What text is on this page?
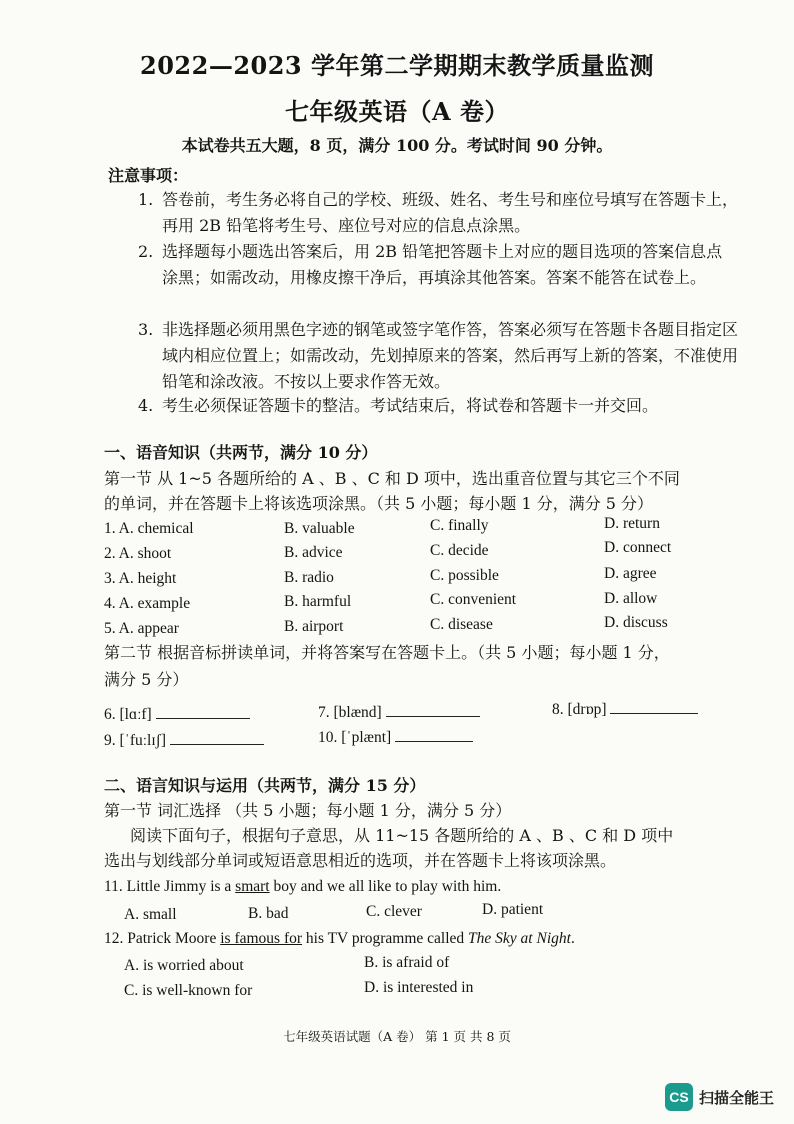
2022—2023 学年第二学期期末教学质量监测
七年级英语（A 卷）
本试卷共五大题，8 页，满分 100 分。考试时间 90 分钟。
注意事项：
1. 答卷前，考生务必将自己的学校、班级、姓名、考生号和座位号填写在答题卡上，再用 2B 铅笔将考生号、座位号对应的信息点涂黑。
2. 选择题每小题选出答案后，用 2B 铅笔把答题卡上对应的题目选项的答案信息点涂黑；如需改动，用橡皮擦干净后，再填涂其他答案。答案不能答在试卷上。
3. 非选择题必须用黑色字迹的钢笔或签字笔作答，答案必须写在答题卡各题目指定区域内相应位置上；如需改动，先划掉原来的答案，然后再写上新的答案，不准使用铅笔和涂改液。不按以上要求作答无效。
4. 考生必须保证答题卡的整洁。考试结束后，将试卷和答题卡一并交回。
一、语音知识（共两节，满分 10 分）
第一节 从 1~5 各题所给的 A 、B 、C 和 D 项中，选出重音位置与其它三个不同
的单词，并在答题卡上将该选项涂黑。（共 5 小题；每小题 1 分，满分 5 分）
1. A. chemical	B. valuable	C. finally	D. return
2. A. shoot	B. advice	C. decide	D. connect
3. A. height	B. radio	C. possible	D. agree
4. A. example	B. harmful	C. convenient	D. allow
5. A. appear	B. airport	C. disease	D. discuss
第二节 根据音标拼读单词，并将答案写在答题卡上。（共 5 小题；每小题 1 分，
满分 5 分）
6. [lɑːf]	7. [blænd]	8. [drɒp]
9. [ˈfuːlɪʃ]	10. [ˈplænt]
二、语言知识与运用（共两节，满分 15 分）
第一节 词汇选择 （共 5 小题；每小题 1 分，满分 5 分）
阅读下面句子，根据句子意思，从 11~15 各题所给的 A 、B 、C 和 D 项中
选出与划线部分单词或短语意思相近的选项，并在答题卡上将该项涂黑。
11. Little Jimmy is a smart boy and we all like to play with him.
A. small	B. bad	C. clever	D. patient
12. Patrick Moore is famous for his TV programme called The Sky at Night.
A. is worried about	B. is afraid of
C. is well-known for	D. is interested in
七年级英语试题（A 卷） 第 1 页 共 8 页
CS 扫描全能王
